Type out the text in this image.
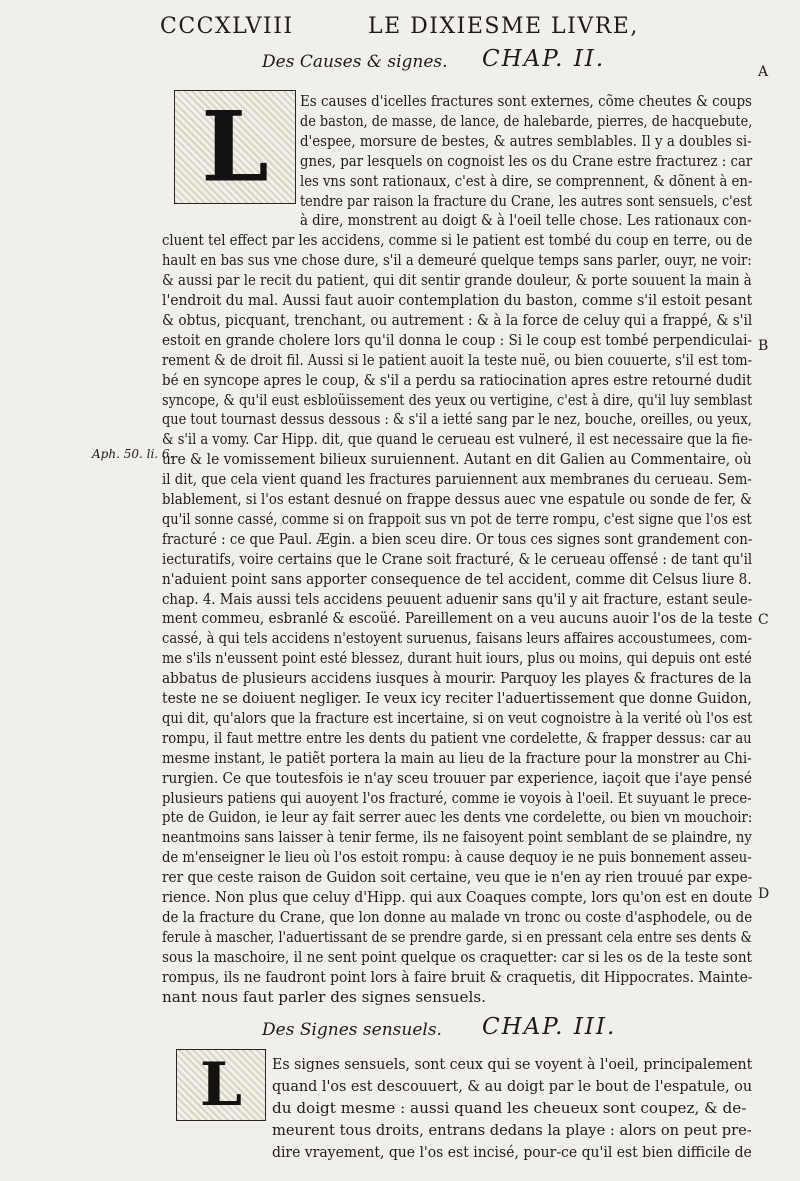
CCCXLVIII	LE DIXIESME LIVRE,
Des Causes & signes. CHAP. II.
L	Es causes d'icelles fractures sont externes, cõme cheutes & coups
de baston, de masse, de lance, de halebarde, pierres, de hacquebute,
d'espee, morsure de bestes, & autres semblables. Il y a doubles si-
gnes, par lesquels on cognoist les os du Crane estre fracturez : car
les vns sont rationaux, c'est à dire, se comprennent, & dõnent à en-
tendre par raison la fracture du Crane, les autres sont sensuels, c'est
à dire, monstrent au doigt & à l'oeil telle chose. Les rationaux con-
cluent tel effect par les accidens, comme si le patient est tombé du coup en terre, ou de
hault en bas sus vne chose dure, s'il a demeuré quelque temps sans parler, ouyr, ne voir:
& aussi par le recit du patient, qui dit sentir grande douleur, & porte souuent la main à
l'endroit du mal. Aussi faut auoir contemplation du baston, comme s'il estoit pesant
& obtus, picquant, trenchant, ou autrement : & à la force de celuy qui a frappé, & s'il
estoit en grande cholere lors qu'il donna le coup : Si le coup est tombé perpendiculai-
rement & de droit fil. Aussi si le patient auoit la teste nuë, ou bien couuerte, s'il est tom-
bé en syncope apres le coup, & s'il a perdu sa ratiocination apres estre retourné dudit
syncope, & qu'il eust esbloüissement des yeux ou vertigine, c'est à dire, qu'il luy semblast
que tout tournast dessus dessous : & s'il a ietté sang par le nez, bouche, oreilles, ou yeux,
& s'il a vomy. Car Hipp. dit, que quand le cerueau est vulneré, il est necessaire que la fie-
ure & le vomissement bilieux suruiennent. Autant en dit Galien au Commentaire, où
il dit, que cela vient quand les fractures paruiennent aux membranes du cerueau. Sem-
blablement, si l'os estant desnué on frappe dessus auec vne espatule ou sonde de fer, &
qu'il sonne cassé, comme si on frappoit sus vn pot de terre rompu, c'est signe que l'os est
fracturé : ce que Paul. Ægin. a bien sceu dire. Or tous ces signes sont grandement con-
iecturatifs, voire certains que le Crane soit fracturé, & le cerueau offensé : de tant qu'il
n'aduient point sans apporter consequence de tel accident, comme dit Celsus liure 8.
chap. 4. Mais aussi tels accidens peuuent aduenir sans qu'il y ait fracture, estant seule-
ment commeu, esbranlé & escoüé. Pareillement on a veu aucuns auoir l'os de la teste
cassé, à qui tels accidens n'estoyent suruenus, faisans leurs affaires accoustumees, com-
me s'ils n'eussent point esté blessez, durant huit iours, plus ou moins, qui depuis ont esté
abbatus de plusieurs accidens iusques à mourir. Parquoy les playes & fractures de la
teste ne se doiuent negliger. Ie veux icy reciter l'aduertissement que donne Guidon,
qui dit, qu'alors que la fracture est incertaine, si on veut cognoistre à la verité où l'os est
rompu, il faut mettre entre les dents du patient vne cordelette, & frapper dessus: car au
mesme instant, le patiẽt portera la main au lieu de la fracture pour la monstrer au Chi-
rurgien. Ce que toutesfois ie n'ay sceu trouuer par experience, iaçoit que i'aye pensé
plusieurs patiens qui auoyent l'os fracturé, comme ie voyois à l'oeil. Et suyuant le prece-
pte de Guidon, ie leur ay fait serrer auec les dents vne cordelette, ou bien vn mouchoir:
neantmoins sans laisser à tenir ferme, ils ne faisoyent point semblant de se plaindre, ny
de m'enseigner le lieu où l'os estoit rompu: à cause dequoy ie ne puis bonnement asseu-
rer que ceste raison de Guidon soit certaine, veu que ie n'en ay rien trouué par expe-
rience. Non plus que celuy d'Hipp. qui aux Coaques compte, lors qu'on est en doute
de la fracture du Crane, que lon donne au malade vn tronc ou coste d'asphodele, ou de
ferule à mascher, l'aduertissant de se prendre garde, si en pressant cela entre ses dents &
sous la maschoire, il ne sent point quelque os craquetter: car si les os de la teste sont
rompus, ils ne faudront point lors à faire bruit & craquetis, dit Hippocrates. Mainte-
nant nous faut parler des signes sensuels.
Des Signes sensuels. CHAP. III.
L	Es signes sensuels, sont ceux qui se voyent à l'oeil, principalement
quand l'os est descouuert, & au doigt par le bout de l'espatule, ou
du doigt mesme : aussi quand les cheueux sont coupez, & de-
meurent tous droits, entrans dedans la playe : alors on peut pre-
dire vrayement, que l'os est incisé, pour-ce qu'il est bien difficile de
Aph. 50. li. 6.
A
B
C
D
